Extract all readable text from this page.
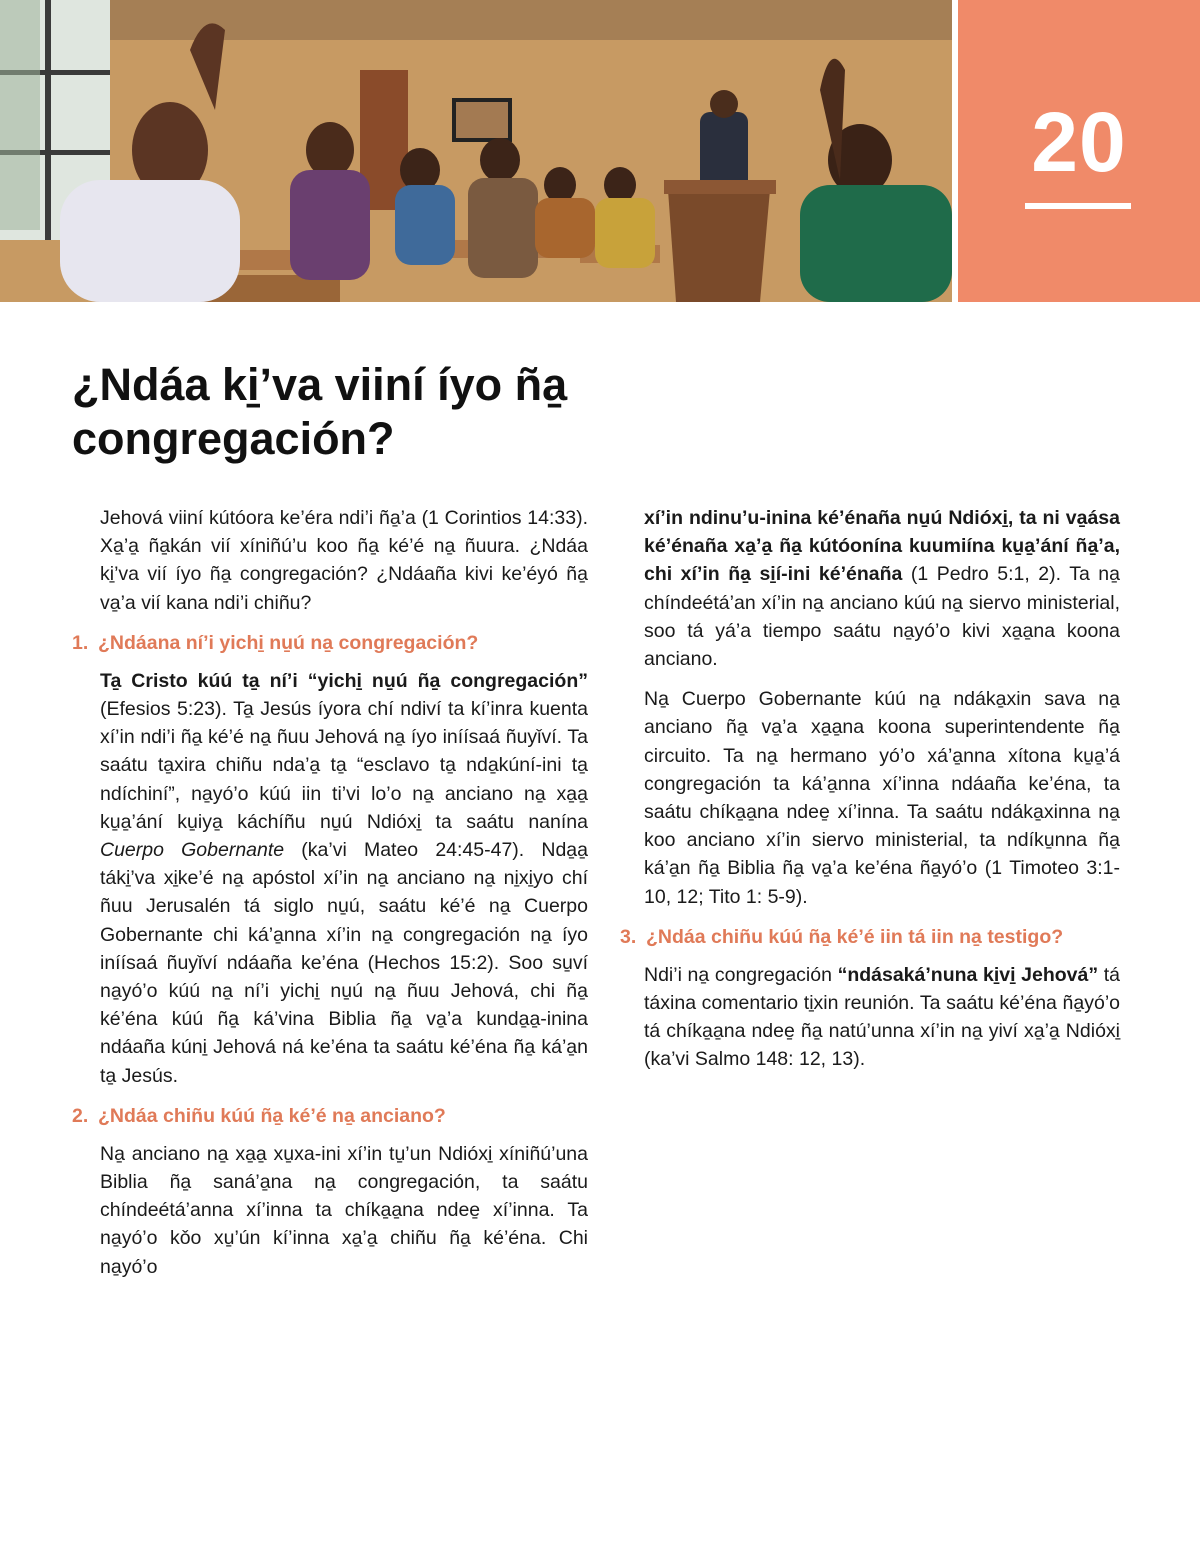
20
¿Ndáa ki̱’va viiní íyo ña̱ congregación?

Jehová viiní kútóora ke’éra ndi’i ña̱’a (1 Corintios 14:33). Xa̱’a̱ ña̱kán vií xíniñú’u koo ña̱ ké’é na̱ ñuura. ¿Ndáa ki̱’va vií íyo ña̱ congregación? ¿Ndáaña kivi ke’éyó ña̱ va̱’a vií kana ndi’i chiñu?

1. ¿Ndáana ní’i yichi̱ nu̱ú na̱ congregación?

Ta̱ Cristo kúú ta̱ ní’i “yichi̱ nu̱ú ña̱ congregación” (Efesios 5:23). Ta̱ Jesús íyora chí ndiví ta kí’inra kuenta xí’in ndi’i ña̱ ké’é na̱ ñuu Jehová na̱ íyo iníísaá ñuyǐví. Ta saátu ta̱xira chiñu nda’a̱ ta̱ “esclavo ta̱ nda̱kúní-ini ta̱ ndíchiní”, na̱yó’o kúú iin ti’vi lo’o na̱ anciano na̱ xa̱a̱ ku̱a̱’ání ku̱iya̱ káchíñu nu̱ú Ndióxi̱ ta saátu nanína Cuerpo Gobernante (ka’vi Mateo 24:45-47). Nda̱a̱ táki̱’va xi̱ke’é na̱ apóstol xí’in na̱ anciano na̱ ni̱xi̱yo chí ñuu Jerusalén tá siglo nu̱ú, saátu ké’é na̱ Cuerpo Gobernante chi ká’a̱nna xí’in na̱ congregación na̱ íyo iníísaá ñuyǐví ndáaña ke’éna (Hechos 15:2). Soo su̱ví na̱yó’o kúú na̱ ní’i yichi̱ nu̱ú na̱ ñuu Jehová, chi ña̱ ké’éna kúú ña̱ ká’vina Biblia ña̱ va̱’a kunda̱a̱-inina ndáaña kúni̱ Jehová ná ke’éna ta saátu ké’éna ña̱ ká’a̱n ta̱ Jesús.

2. ¿Ndáa chiñu kúú ña̱ ké’é na̱ anciano?

Na̱ anciano na̱ xa̱a̱ xu̱xa-ini xí’in tu̱’un Ndióxi̱ xíniñú’una Biblia ña̱ saná’a̱na na̱ congregación, ta saátu chíndeétá’anna xí’inna ta chíka̱a̱na ndee̱ xí’inna. Ta na̱yó’o kǒo xu̱’ún kí’inna xa̱’a̱ chiñu ña̱ ké’éna. Chi na̱yó’o

xí’in ndinu’u-inina ké’énaña nu̱ú Ndióxi̱, ta ni va̱ása ké’énaña xa̱’a̱ ña̱ kútóonína kuumiína ku̱a̱’ání ña̱’a, chi xí’in ña̱ si̱í-ini ké’énaña (1 Pedro 5:1, 2). Ta na̱ chíndeétá’an xí’in na̱ anciano kúú na̱ siervo ministerial, soo tá yá’a tiempo saátu na̱yó’o kivi xa̱a̱na koona anciano.

Na̱ Cuerpo Gobernante kúú na̱ ndáka̱xin sava na̱ anciano ña̱ va̱’a xa̱a̱na koona superintendente ña̱ circuito. Ta na̱ hermano yó’o xá’a̱nna xítona ku̱a̱’á congregación ta ká’a̱nna xí’inna ndáaña ke’éna, ta saátu chíka̱a̱na ndee̱ xí’inna. Ta saátu ndáka̱xinna na̱ koo anciano xí’in siervo ministerial, ta ndíku̱nna ña̱ ká’a̱n ña̱ Biblia ña̱ va̱’a ke’éna ña̱yó’o (1 Timoteo 3:1-10, 12; Tito 1: 5-9).

3. ¿Ndáa chiñu kúú ña̱ ké’é iin tá iin na̱ testigo?

Ndi’i na̱ congregación “ndásaká’nuna ki̱vi̱ Jehová” tá táxina comentario ti̱xin reunión. Ta saátu ké’éna ña̱yó’o tá chíka̱a̱na ndee̱ ña̱ natú’unna xí’in na̱ yiví xa̱’a̱ Ndióxi̱ (ka’vi Salmo 148: 12, 13).
